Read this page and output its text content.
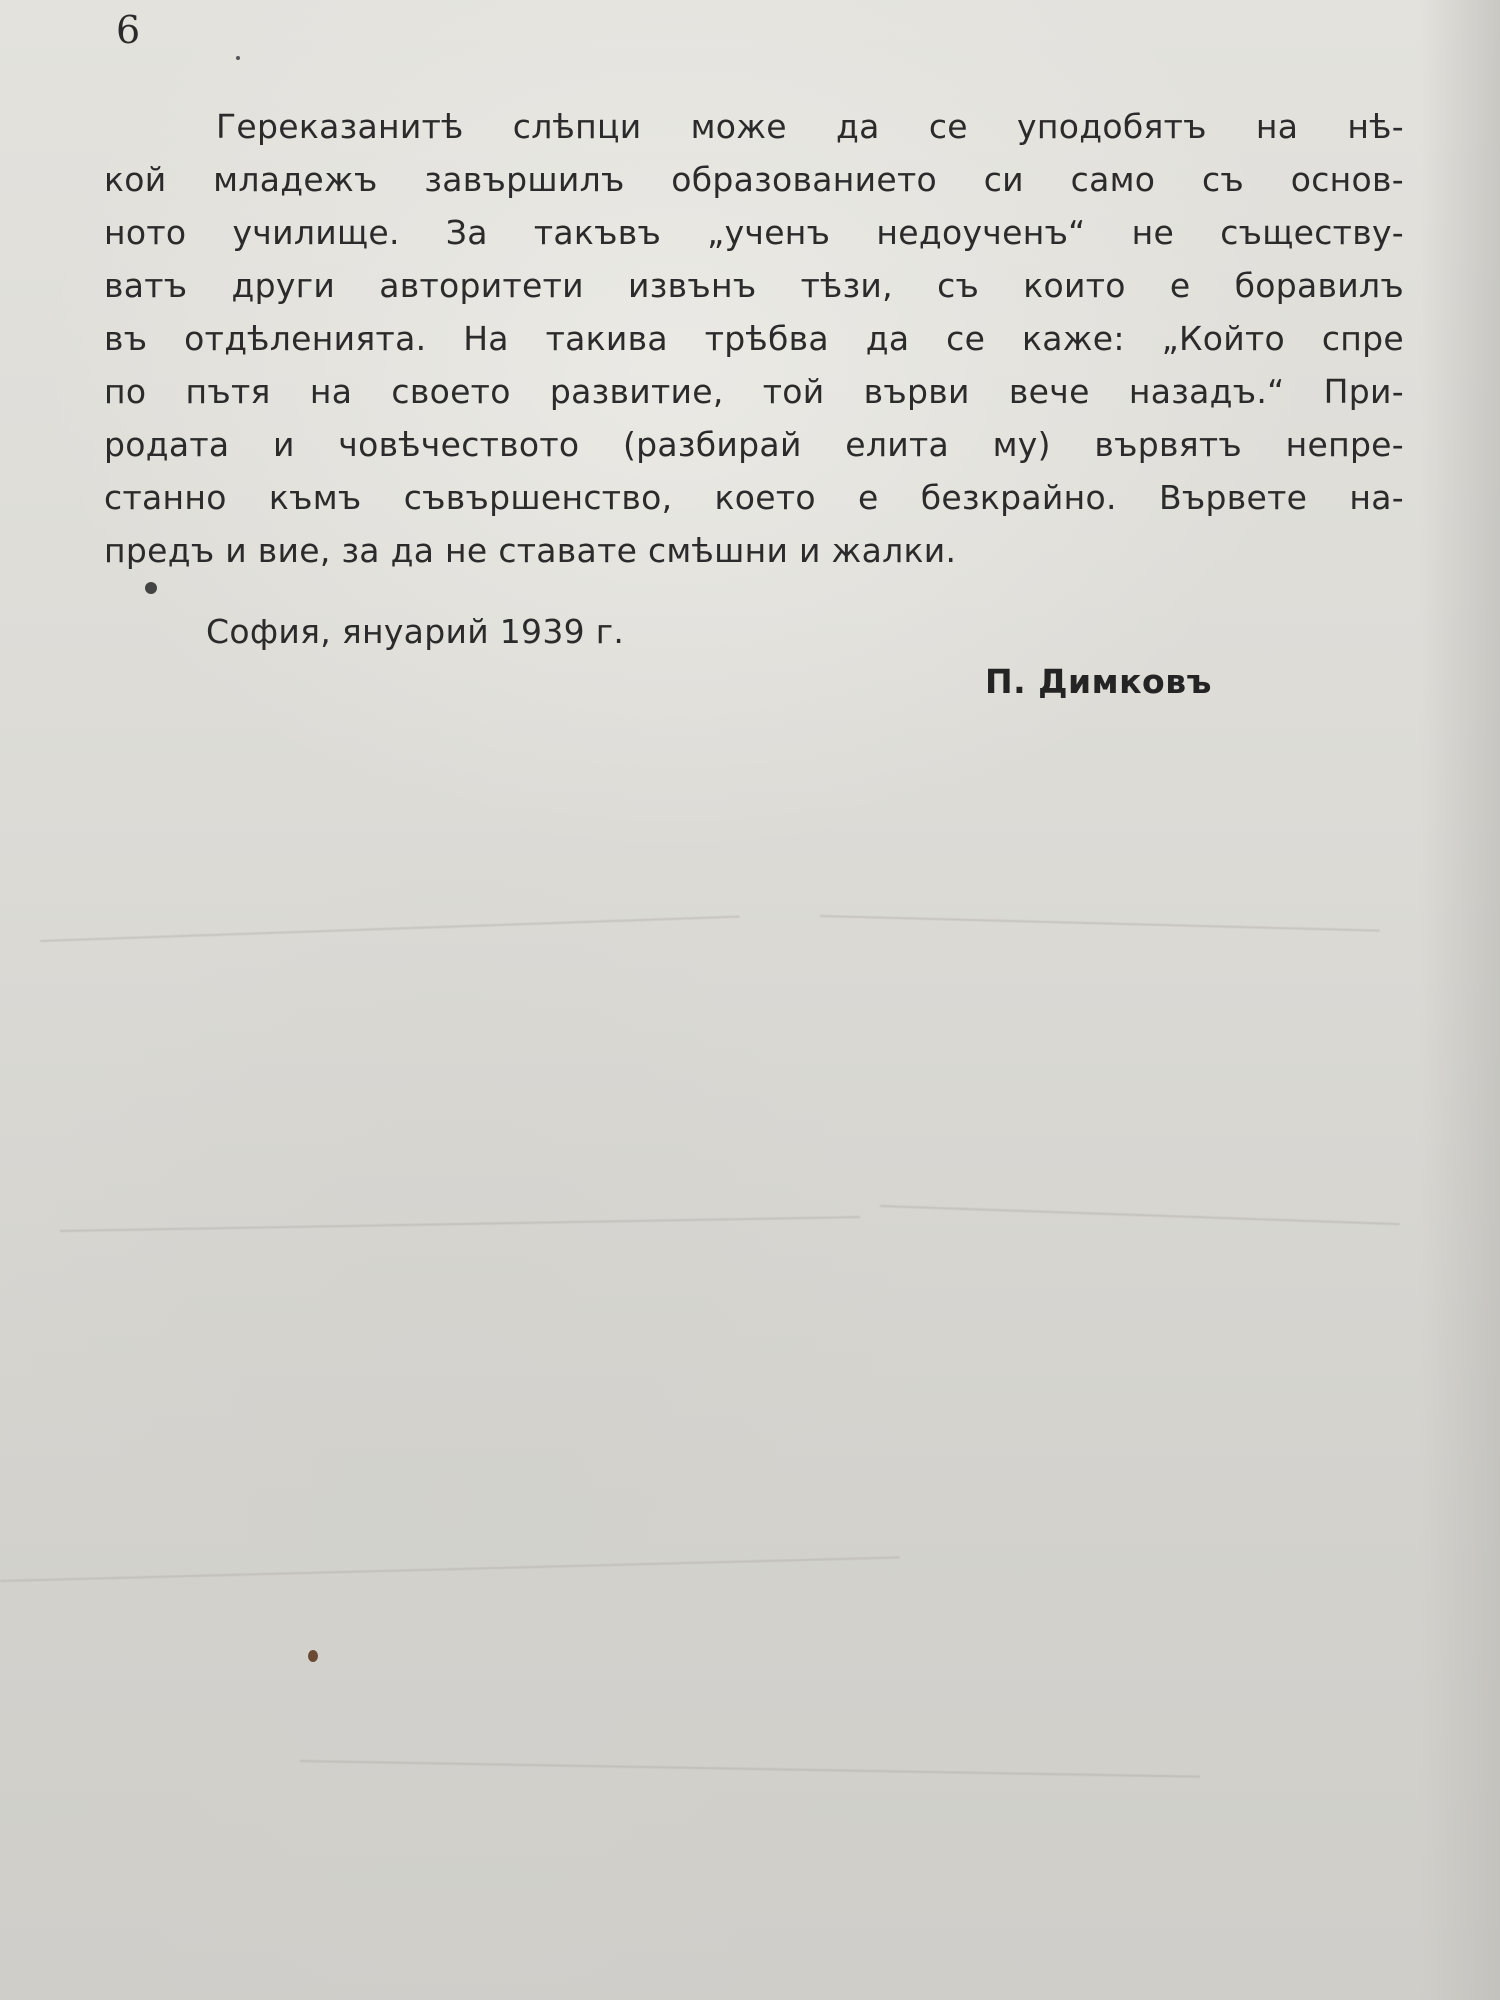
6
Гереказанитѣ слѣпци може да се уподобятъ на нѣ-
кой младежъ завършилъ образованието си само съ основ-
ното училище. За такъвъ „ученъ недоученъ“ не съществу-
ватъ други авторитети извънъ тѣзи, съ които е боравилъ
въ отдѣленията. На такива трѣбва да се каже: „Който спре
по пътя на своето развитие, той върви вече назадъ.“ При-
родата и човѣчеството (разбирай елита му) вървятъ непре-
станно къмъ съвършенство, което е безкрайно. Вървете на-
предъ и вие, за да не ставате смѣшни и жалки.
София, януарий 1939 г.
П. Димковъ
